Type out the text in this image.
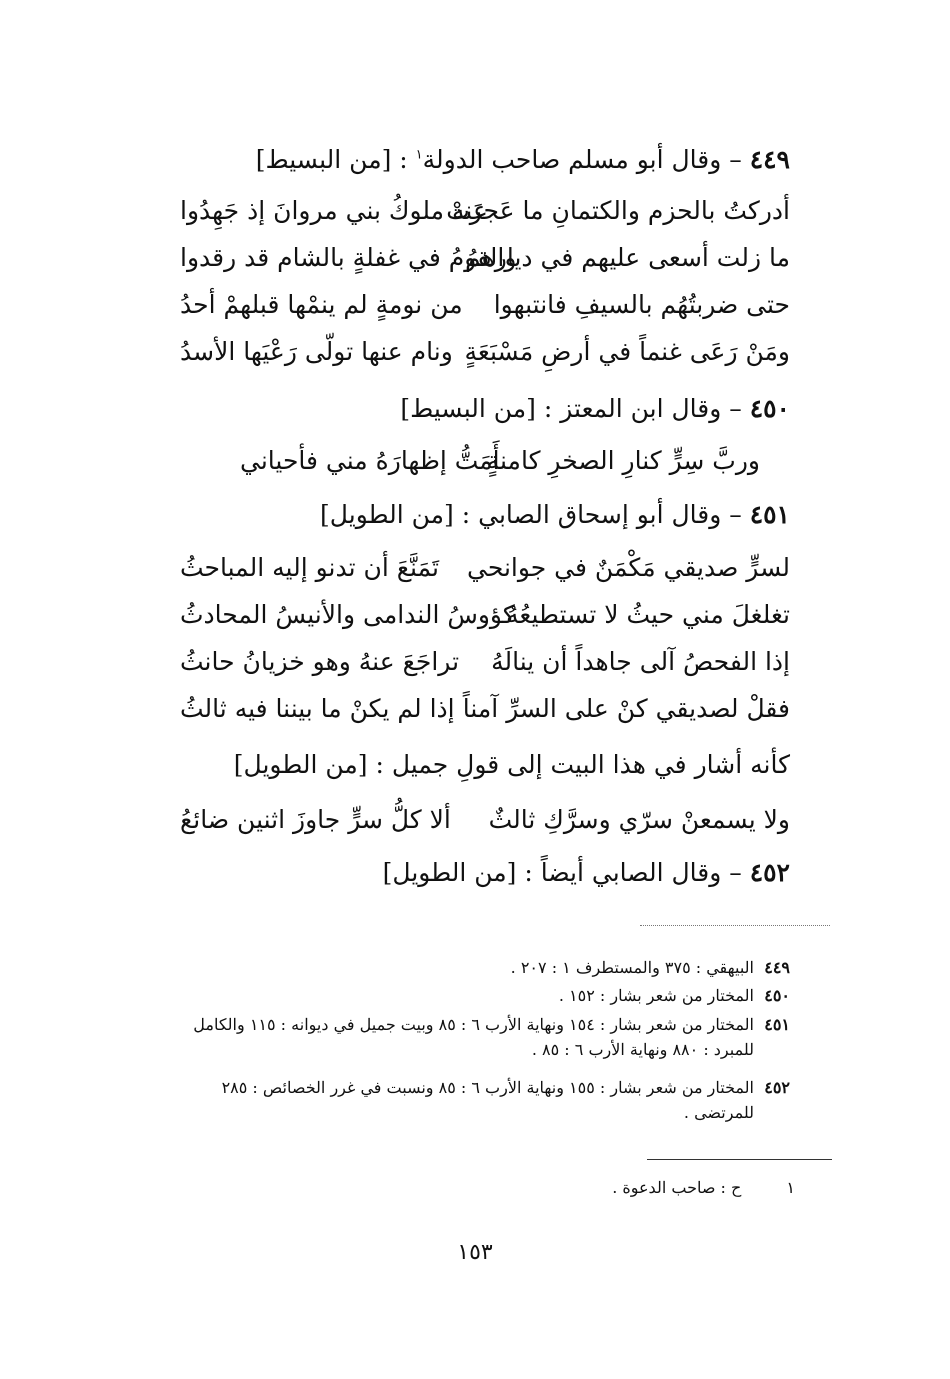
٤٤٩ – وقال أبو مسلم صاحب الدولة$^١$ : [من البسيط]
أدركتُ بالحزم والكتمانِ ما عَجزَتْ
عنه ملوكُ بني مروانَ إذ جَهِدُوا
ما زلت أسعى عليهم في ديارهمُ
والقومُ في غفلةٍ بالشام قد رقدوا
حتى ضربتُهُم بالسيفِ فانتبهوا
من نومةٍ لم ينمْها قبلهمْ أحدُ
ومَنْ رَعَى غنماً في أرضِ مَسْبَعَةٍ
ونام عنها تولّى رَعْيَها الأسدُ
٤٥٠ – وقال ابن المعتز : [من البسيط]
وربَّ سِرٍّ كنارِ الصخرِ كامنةٍ
أَمَتُّ إظهارَهُ مني فأحياني
٤٥١ – وقال أبو إسحاق الصابي : [من الطويل]
لسرٍّ صديقي مَكْمَنٌ في جوانحي
تَمَنَّعَ أن تدنو إليه المباحثُ
تغلغلَ مني حيثُ لا تستطيعُهُ
كؤوسُ الندامى والأنيسُ المحادثُ
إذا الفحصُ آلى جاهداً أن ينالَهُ
تراجَعَ عنهُ وهو خزيانُ حانثُ
فقلْ لصديقي كنْ على السرِّ آمناً
إذا لم يكنْ ما بيننا فيه ثالثُ
كأنه أشار في هذا البيت إلى قولِ جميل : [من الطويل]
ولا يسمعنْ سرّي وسرَّكِ ثالثٌ
ألا كلُّ سرٍّ جاوزَ اثنين ضائعُ
٤٥٢ – وقال الصابي أيضاً : [من الطويل]
٤٤٩
البيهقي : ٣٧٥ والمستطرف ١ : ٢٠٧ .
٤٥٠
المختار من شعر بشار : ١٥٢ .
٤٥١
المختار من شعر بشار : ١٥٤ ونهاية الأرب ٦ : ٨٥ وبيت جميل في ديوانه : ١١٥ والكامل
للمبرد : ٨٨٠ ونهاية الأرب ٦ : ٨٥ .
٤٥٢
المختار من شعر بشار : ١٥٥ ونهاية الأرب ٦ : ٨٥ ونسبت في غرر الخصائص : ٢٨٥
للمرتضى .
١ ح : صاحب الدعوة .
١٥٣
